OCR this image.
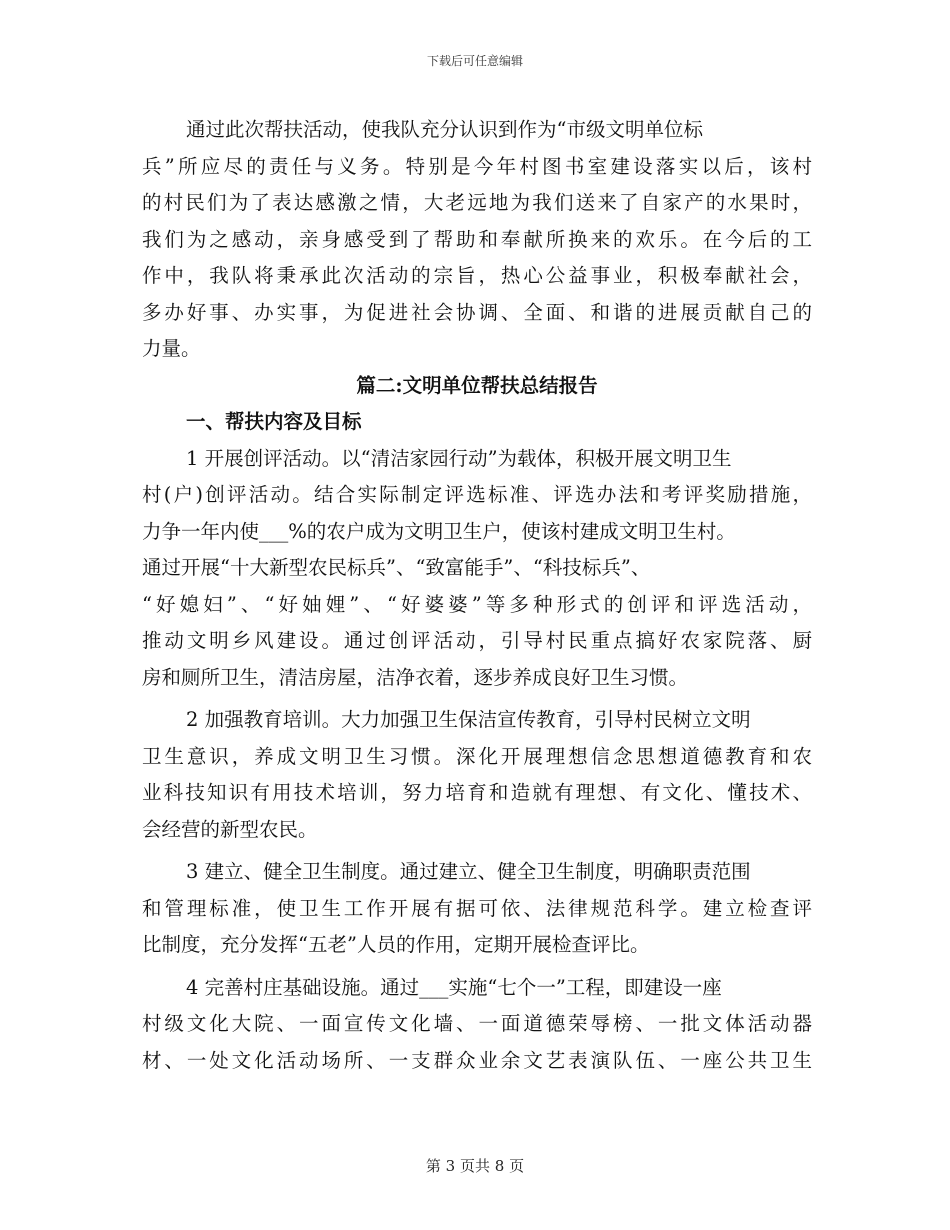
下载后可任意编辑
通过此次帮扶活动，使我队充分认识到作为“市级文明单位标
兵”所应尽的责任与义务。特别是今年村图书室建设落实以后，该村
的村民们为了表达感激之情，大老远地为我们送来了自家产的水果时，
我们为之感动，亲身感受到了帮助和奉献所换来的欢乐。在今后的工
作中，我队将秉承此次活动的宗旨，热心公益事业，积极奉献社会，
多办好事、办实事，为促进社会协调、全面、和谐的进展贡献自己的
力量。
篇二:文明单位帮扶总结报告
一、帮扶内容及目标
1 开展创评活动。以“清洁家园行动”为载体，积极开展文明卫生
村(户)创评活动。结合实际制定评选标准、评选办法和考评奖励措施，
力争一年内使___%的农户成为文明卫生户，使该村建成文明卫生村。
通过开展“十大新型农民标兵”、“致富能手”、“科技标兵”、
“好媳妇”、“好妯娌”、“好婆婆”等多种形式的创评和评选活动，
推动文明乡风建设。通过创评活动，引导村民重点搞好农家院落、厨
房和厕所卫生，清洁房屋，洁净衣着，逐步养成良好卫生习惯。
2 加强教育培训。大力加强卫生保洁宣传教育，引导村民树立文明
卫生意识，养成文明卫生习惯。深化开展理想信念思想道德教育和农
业科技知识有用技术培训，努力培育和造就有理想、有文化、懂技术、
会经营的新型农民。
3 建立、健全卫生制度。通过建立、健全卫生制度，明确职责范围
和管理标准，使卫生工作开展有据可依、法律规范科学。建立检查评
比制度，充分发挥“五老”人员的作用，定期开展检查评比。
4 完善村庄基础设施。通过___实施“七个一”工程，即建设一座
村级文化大院、一面宣传文化墙、一面道德荣辱榜、一批文体活动器
材、一处文化活动场所、一支群众业余文艺表演队伍、一座公共卫生
第 3 页共 8 页
